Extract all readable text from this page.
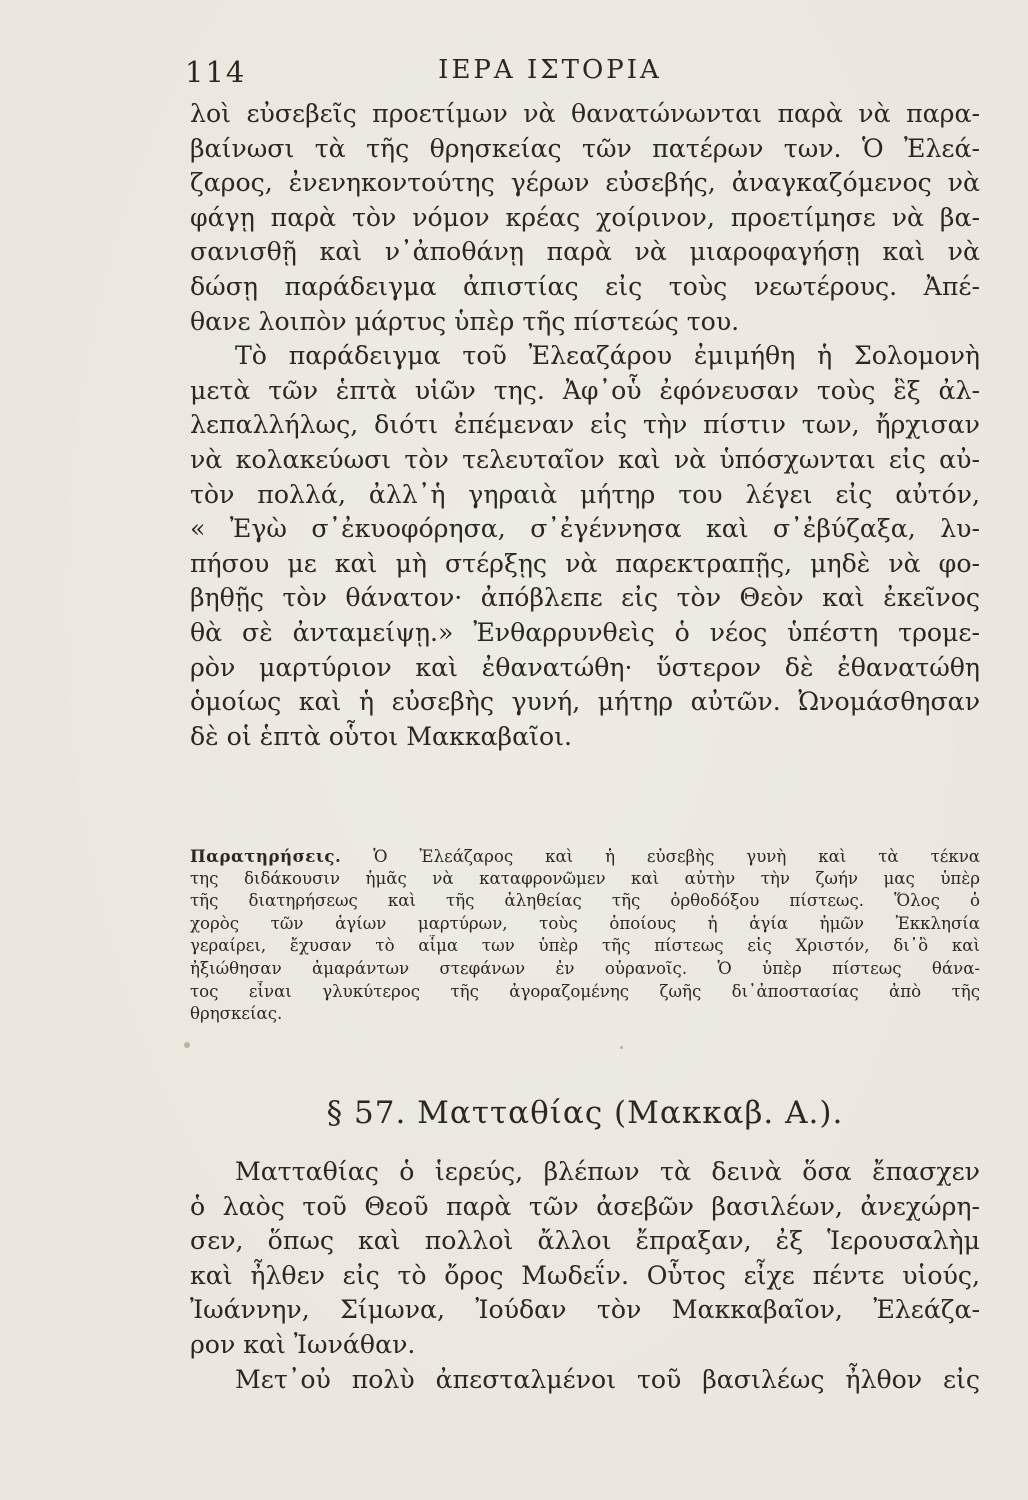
114	ΙΕΡΑ ΙΣΤΟΡΙΑ
λοὶ εὐσεβεῖς προετίμων νὰ θανατώνωνται παρὰ νὰ παρα-
βαίνωσι τὰ τῆς θρησκείας τῶν πατέρων των. Ὁ Ἐλεά-
ζαρος, ἐνενηκοντούτης γέρων εὐσεβής, ἀναγκαζόμενος νὰ
φάγῃ παρὰ τὸν νόμον κρέας χοίρινον, προετίμησε νὰ βα-
σανισθῇ καὶ ν᾿ἀποθάνῃ παρὰ νὰ μιαροφαγήσῃ καὶ νὰ
δώσῃ παράδειγμα ἀπιστίας εἰς τοὺς νεωτέρους. Ἀπέ-
θανε λοιπὸν μάρτυς ὑπὲρ τῆς πίστεώς του.
Τὸ παράδειγμα τοῦ Ἐλεαζάρου ἐμιμήθη ἡ Σολομονὴ
μετὰ τῶν ἑπτὰ υἱῶν της. Ἀφ᾿οὗ ἐφόνευσαν τοὺς ἓξ ἀλ-
λεπαλλήλως, διότι ἐπέμεναν εἰς τὴν πίστιν των, ἤρχισαν
νὰ κολακεύωσι τὸν τελευταῖον καὶ νὰ ὑπόσχωνται εἰς αὐ-
τὸν πολλά, ἀλλ᾿ἡ γηραιὰ μήτηρ του λέγει εἰς αὐτόν,
« Ἐγὼ σ᾿ἐκυοφόρησα, σ᾿ἐγέννησα καὶ σ᾿ἐβύζαξα, λυ-
πήσου με καὶ μὴ στέρξῃς νὰ παρεκτραπῇς, μηδὲ νὰ φο-
βηθῇς τὸν θάνατον· ἀπόβλεπε εἰς τὸν Θεὸν καὶ ἐκεῖνος
θὰ σὲ ἀνταμείψῃ.» Ἐνθαρρυνθεὶς ὁ νέος ὑπέστη τρομε-
ρὸν μαρτύριον καὶ ἐθανατώθη· ὕστερον δὲ ἐθανατώθη
ὁμοίως καὶ ἡ εὐσεβὴς γυνή, μήτηρ αὐτῶν. Ὠνομάσθησαν
δὲ οἱ ἑπτὰ οὗτοι Μακκαβαῖοι.
Παρατηρήσεις. Ὁ Ἐλεάζαρος καὶ ἡ εὐσεβὴς γυνὴ καὶ τὰ τέκνα
της διδάκουσιν ἡμᾶς νὰ καταφρονῶμεν καὶ αὐτὴν τὴν ζωήν μας ὑπὲρ
τῆς διατηρήσεως καὶ τῆς ἀληθείας τῆς ὀρθοδόξου πίστεως. Ὅλος ὁ
χορὸς τῶν ἁγίων μαρτύρων, τοὺς ὁποίους ἡ ἁγία ἡμῶν Ἐκκλησία
γεραίρει, ἔχυσαν τὸ αἷμα των ὑπὲρ τῆς πίστεως εἰς Χριστόν, δι᾿ὃ καὶ
ἠξιώθησαν ἀμαράντων στεφάνων ἐν οὐρανοῖς. Ὁ ὑπὲρ πίστεως θάνα-
τος εἶναι γλυκύτερος τῆς ἀγοραζομένης ζωῆς δι᾿ἀποστασίας ἀπὸ τῆς
θρησκείας.
§ 57. Ματταθίας (Μακκαβ. Α.).
Ματταθίας ὁ ἱερεύς, βλέπων τὰ δεινὰ ὅσα ἔπασχεν
ὁ λαὸς τοῦ Θεοῦ παρὰ τῶν ἀσεβῶν βασιλέων, ἀνεχώρη-
σεν, ὅπως καὶ πολλοὶ ἄλλοι ἔπραξαν, ἐξ Ἱερουσαλὴμ
καὶ ἦλθεν εἰς τὸ ὄρος Μωδεΐν. Οὗτος εἶχε πέντε υἱούς,
Ἰωάννην, Σίμωνα, Ἰούδαν τὸν Μακκαβαῖον, Ἐλεάζα-
ρον καὶ Ἰωνάθαν.
Μετ᾿οὐ πολὺ ἀπεσταλμένοι τοῦ βασιλέως ἦλθον εἰς
